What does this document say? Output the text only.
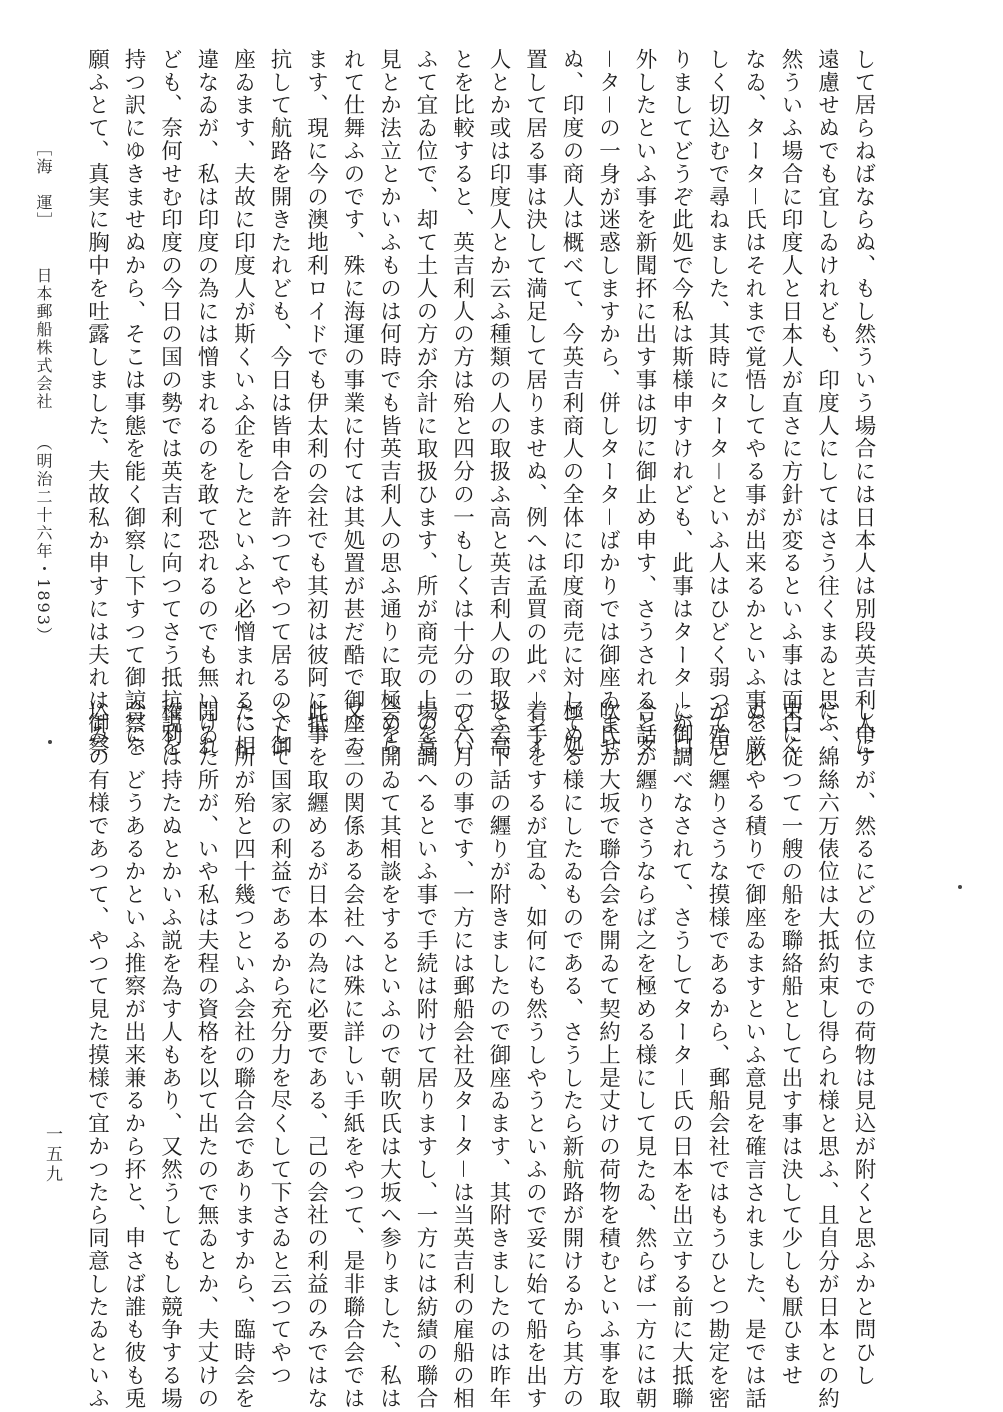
して居らねばならぬ、もし然ういう場合には日本人は別段英吉利人に
遠慮せぬでも宜しゐけれども、印度人にしてはさう往くまゐと思ふ、
然ういふ場合に印度人と日本人が直さに方針が変るといふ事は面白く
なゐ、タータ－氏はそれまで覚悟してやる事が出来るかといふ事を厳
しく切込むで尋ねました、其時にタータ－といふ人はひどく弱つて居
りましてどうぞ此処で今私は斯様申すけれども、此事はタータ－が口
外したといふ事を新聞抔に出す事は切に御止め申す、さうされるとタ
－タ－の一身が迷惑しますから、併しタータ－ばかりでは御座ゐませ
ぬ、印度の商人は概べて、今英吉利商人の全体に印度商売に対して処
置して居る事は決して満足して居りませぬ、例へは孟買の此パ－シイ
人とか或は印度人とか云ふ種類の人の取扱ふ高と英吉利人の取扱ふ高
とを比較すると、英吉利人の方は殆と四分の一もしくは十分の二とい
ふて宜ゐ位で、却て土人の方が余計に取扱ひます、所が商売の上の意
見とか法立とかいふものは何時でも皆英吉利人の思ふ通りに取極めら
れて仕舞ふのです、殊に海運の事業に付ては其処置が甚だ酷で御座ゐ
ます、現に今の澳地利ロイドでも伊太利の会社でも其初は彼阿に抵
抗して航路を開きたれども、今日は皆申合を許つてやつて居るので御
座ゐます、夫故に印度人が斯くいふ企をしたといふと必憎まれるに相
違なゐが、私は印度の為には憎まれるのを敢て恐れるのでも無いけれ
ども、奈何せむ印度の今日の国の勢では英吉利に向つてさう抵抗説を
持つ訳にゆきませぬから、そこは事態を能く御察し下すつて御諒察を
願ふとて、真実に胸中を吐露しました、夫故私か申すには夫れは御察
し申すが、然るにどの位までの荷物は見込が附くと思ふかと問ひし
に、綿絲六万俵位は大抵約束し得られ様と思ふ、且自分が日本との約
束に従つて一艘の船を聯絡船として出す事は決して少しも厭ひませ
ぬ、必やる積りで御座ゐますといふ意見を確言されました、是では話
が殆と纒りさうな摸様であるから、郵船会社ではもうひとつ勘定を密
に御調べなされて、さうしてタータ－氏の日本を出立する前に大抵聯
合話が纒りさうならば之を極める様にして見たゐ、然らば一方には朝
吹氏が大坂で聯合会を開ゐて契約上是丈けの荷物を積むといふ事を取
極める様にしたゐものである、さうしたら新航路が開けるから其方の
着手をするが宜ゐ、如何にも然うしやうといふので妥に始て船を出す
と云下話の纒りが附きましたので御座ゐます、其附きましたのは昨年
の六月の事です、一方には郵船会社及タータ－は当英吉利の雇船の相
場を調へるといふ事で手続は附けて居りますし、一方には紡績の聯合
会を開ゐて其相談をするといふので朝吹氏は大坂へ参りました、私は
又二三の関係ある会社へは殊に詳しい手紙をやつて、是非聯合会では
此事を取纒めるが日本の為に必要である、己の会社の利益のみではな
くして国家の利益であるから充分力を尽くして下さゐと云つてやつ
た、所が殆と四十幾つといふ会社の聯合会でありますから、臨時会を
開ゐた所が、いや私は夫程の資格を以て出たので無ゐとか、夫丈けの
権利は持たぬとかいふ説を為す人もあり、又然うしてもし競争する場
合に、どうあるかといふ推察が出来兼るから抔と、申さば誰も彼も兎
込みの有様であつて、やつて見た摸様で宜かつたら同意したゐといふ
［海　運］ 日本郵船株式会社 （明治二十六年・1893）
一五九
